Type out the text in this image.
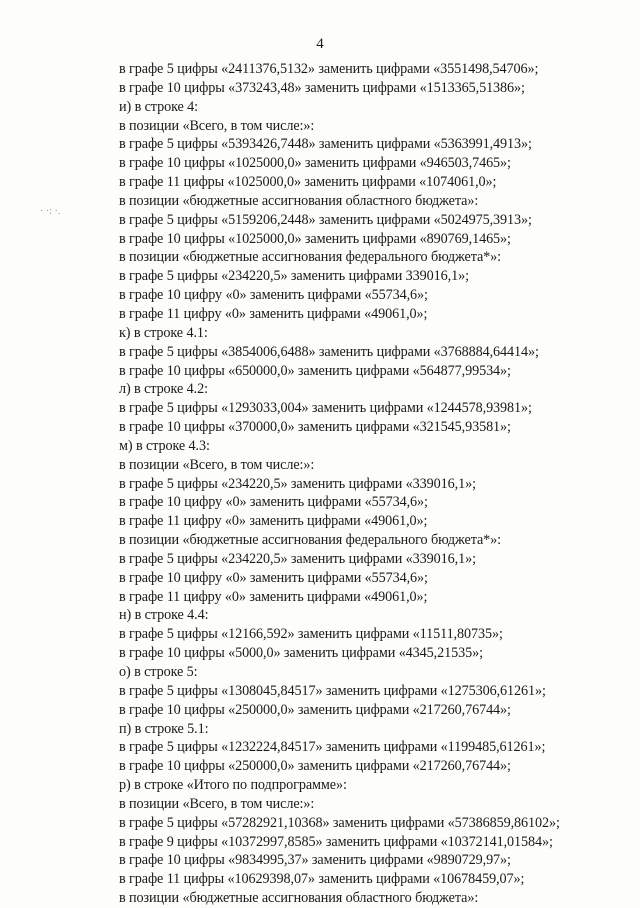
4
· ·: ·.
в графе 5 цифры «2411376,5132» заменить цифрами «3551498,54706»;
в графе 10 цифры «373243,48» заменить цифрами «1513365,51386»;
и) в строке 4:
в позиции «Всего, в том числе:»:
в графе 5 цифры «5393426,7448» заменить цифрами «5363991,4913»;
в графе 10 цифры «1025000,0» заменить цифрами «946503,7465»;
в графе 11 цифры «1025000,0» заменить цифрами «1074061,0»;
в позиции «бюджетные ассигнования областного бюджета»:
в графе 5 цифры «5159206,2448» заменить цифрами «5024975,3913»;
в графе 10 цифры «1025000,0» заменить цифрами «890769,1465»;
в позиции «бюджетные ассигнования федерального бюджета*»:
в графе 5 цифры «234220,5» заменить цифрами 339016,1»;
в графе 10 цифру «0» заменить цифрами «55734,6»;
в графе 11 цифру «0» заменить цифрами «49061,0»;
к) в строке 4.1:
в графе 5 цифры «3854006,6488» заменить цифрами «3768884,64414»;
в графе 10 цифры «650000,0» заменить цифрами «564877,99534»;
л) в строке 4.2:
в графе 5 цифры «1293033,004» заменить цифрами «1244578,93981»;
в графе 10 цифры «370000,0» заменить цифрами «321545,93581»;
м) в строке 4.3:
в позиции «Всего, в том числе:»:
в графе 5 цифры «234220,5» заменить цифрами «339016,1»;
в графе 10 цифру «0» заменить цифрами «55734,6»;
в графе 11 цифру «0» заменить цифрами «49061,0»;
в позиции «бюджетные ассигнования федерального бюджета*»:
в графе 5 цифры «234220,5» заменить цифрами «339016,1»;
в графе 10 цифру «0» заменить цифрами «55734,6»;
в графе 11 цифру «0» заменить цифрами «49061,0»;
н) в строке 4.4:
в графе 5 цифры «12166,592» заменить цифрами «11511,80735»;
в графе 10 цифры «5000,0» заменить цифрами «4345,21535»;
о) в строке 5:
в графе 5 цифры «1308045,84517» заменить цифрами «1275306,61261»;
в графе 10 цифры «250000,0» заменить цифрами «217260,76744»;
п) в строке 5.1:
в графе 5 цифры «1232224,84517» заменить цифрами «1199485,61261»;
в графе 10 цифры «250000,0» заменить цифрами «217260,76744»;
р) в строке «Итого по подпрограмме»:
в позиции «Всего, в том числе:»:
в графе 5 цифры «57282921,10368» заменить цифрами «57386859,86102»;
в графе 9 цифры «10372997,8585» заменить цифрами «10372141,01584»;
в графе 10 цифры «9834995,37» заменить цифрами «9890729,97»;
в графе 11 цифры «10629398,07» заменить цифрами «10678459,07»;
в позиции «бюджетные ассигнования областного бюджета»:
